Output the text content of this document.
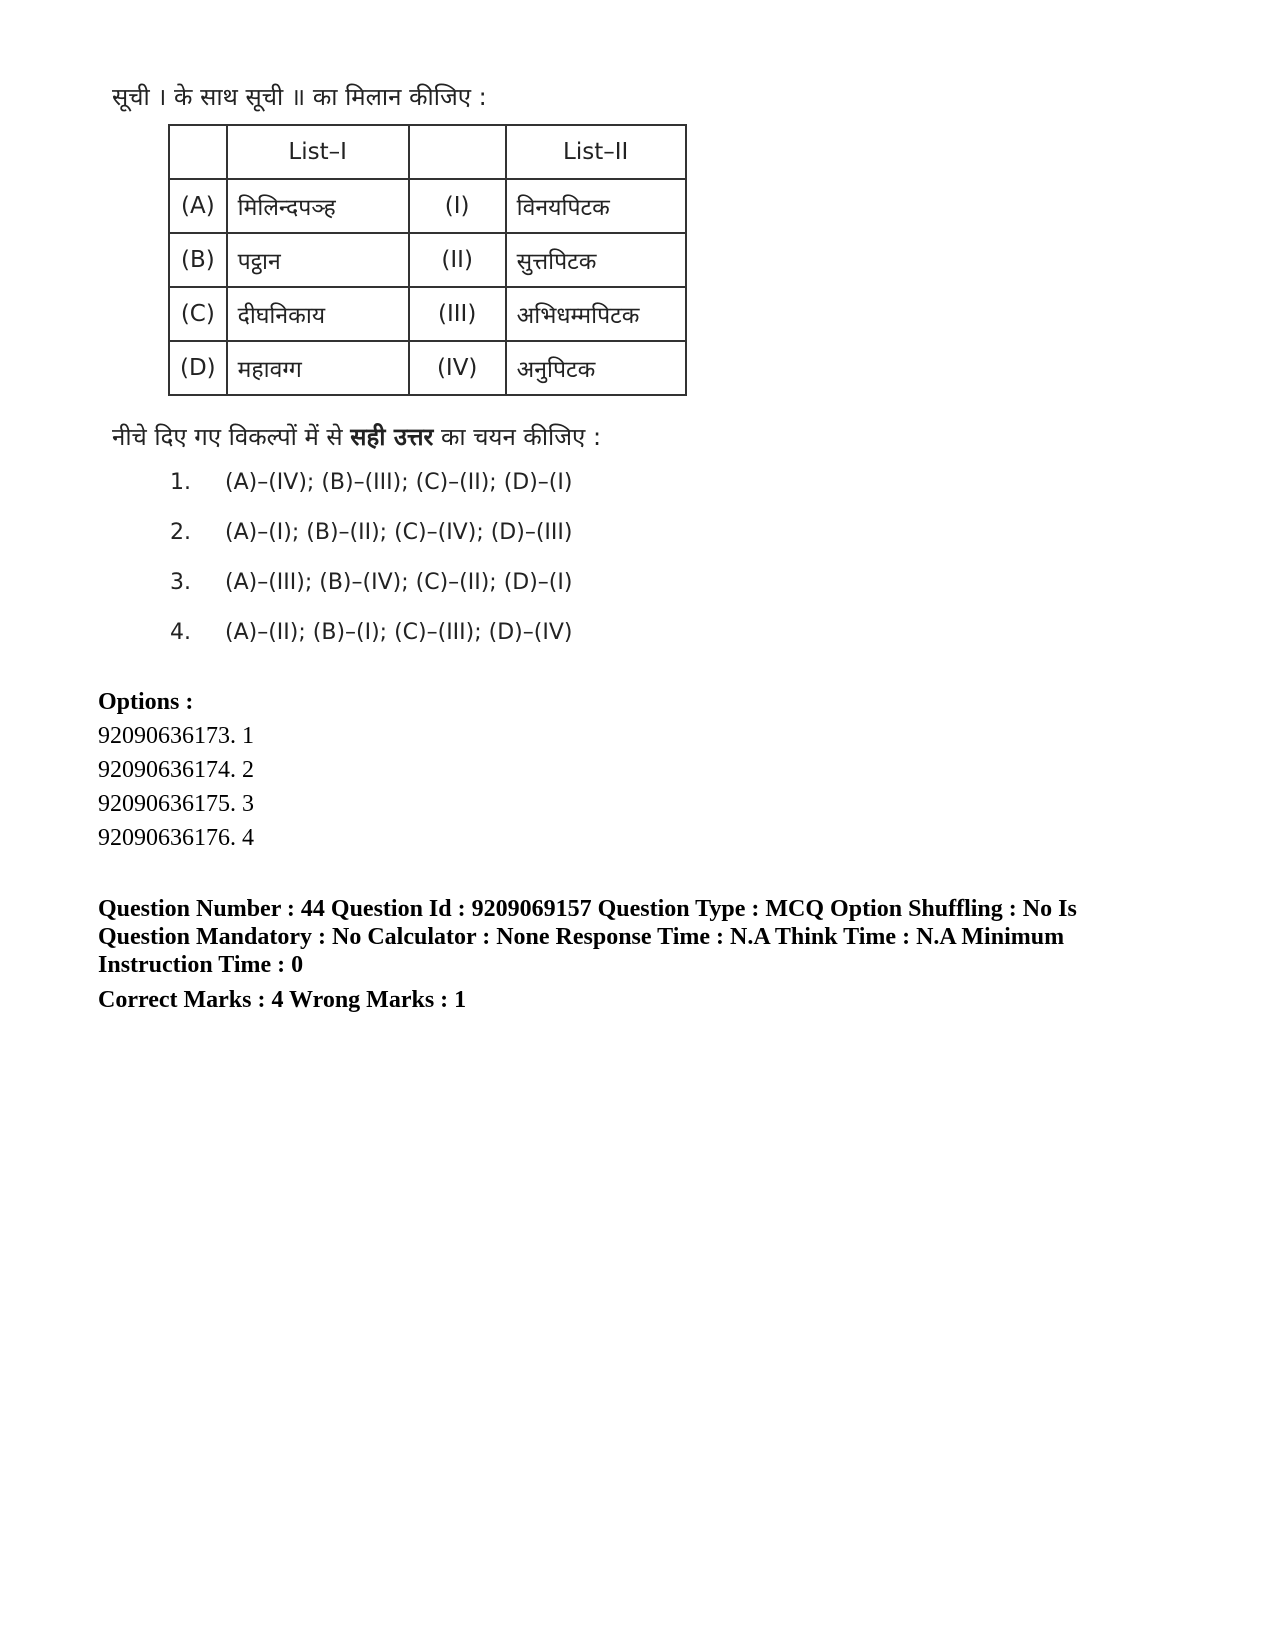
सूची । के साथ सूची ॥ का मिलान कीजिए :
	List–I		List–II
(A)	मिलिन्दपञ्ह	(I)	विनयपिटक
(B)	पट्ठान	(II)	सुत्तपिटक
(C)	दीघनिकाय	(III)	अभिधम्मपिटक
(D)	महावग्ग	(IV)	अनुपिटक
नीचे दिए गए विकल्पों में से सही उत्तर का चयन कीजिए :
1.	(A)–(IV); (B)–(III); (C)–(II); (D)–(I)
2.	(A)–(I); (B)–(II); (C)–(IV); (D)–(III)
3.	(A)–(III); (B)–(IV); (C)–(II); (D)–(I)
4.	(A)–(II); (B)–(I); (C)–(III); (D)–(IV)
Options :
92090636173. 1
92090636174. 2
92090636175. 3
92090636176. 4
Question Number : 44 Question Id : 9209069157 Question Type : MCQ Option Shuffling : No Is Question Mandatory : No Calculator : None Response Time : N.A Think Time : N.A Minimum Instruction Time : 0
Correct Marks : 4 Wrong Marks : 1
